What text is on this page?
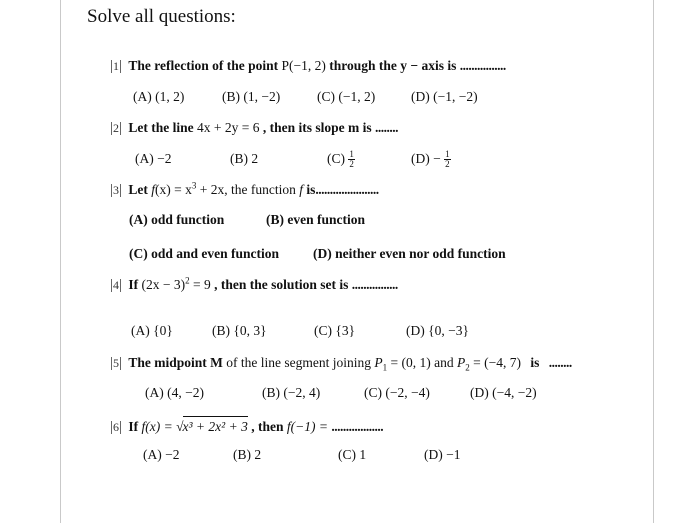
Solve all questions:
1 The reflection of the point P(−1, 2) through the y − axis is ................
(A) (1, 2)	(B) (1, −2)	(C) (−1, 2)	(D) (−1, −2)
2 Let the line 4x + 2y = 6 , then its slope m is ........
(A) −2	(B) 2	$(C) \frac{1}{2}$	$(D) - \frac{1}{2}$
3 Let $f(x) = x^3 + 2x$, the function f is......................
(A) odd function	(B) even function
(C) odd and even function	(D) neither even nor odd function
4 If $(2x - 3)^2 = 9$ , then the solution set is ................
(A) {0}	(B) {0, 3}	(C) {3}	(D) {0, −3}
5 The midpoint M of the line segment joining $P_1 = (0$, 1) and $P_2 = (-4$, 7) is ........
(A) (4, −2)	(B) (−2, 4)	(C) (−2, −4)	(D) (−4, −2)
6 If f(x) = √x³ + 2x² + 3 , then f(−1) = ..................
(A) −2	(B) 2	(C) 1	(D) −1
